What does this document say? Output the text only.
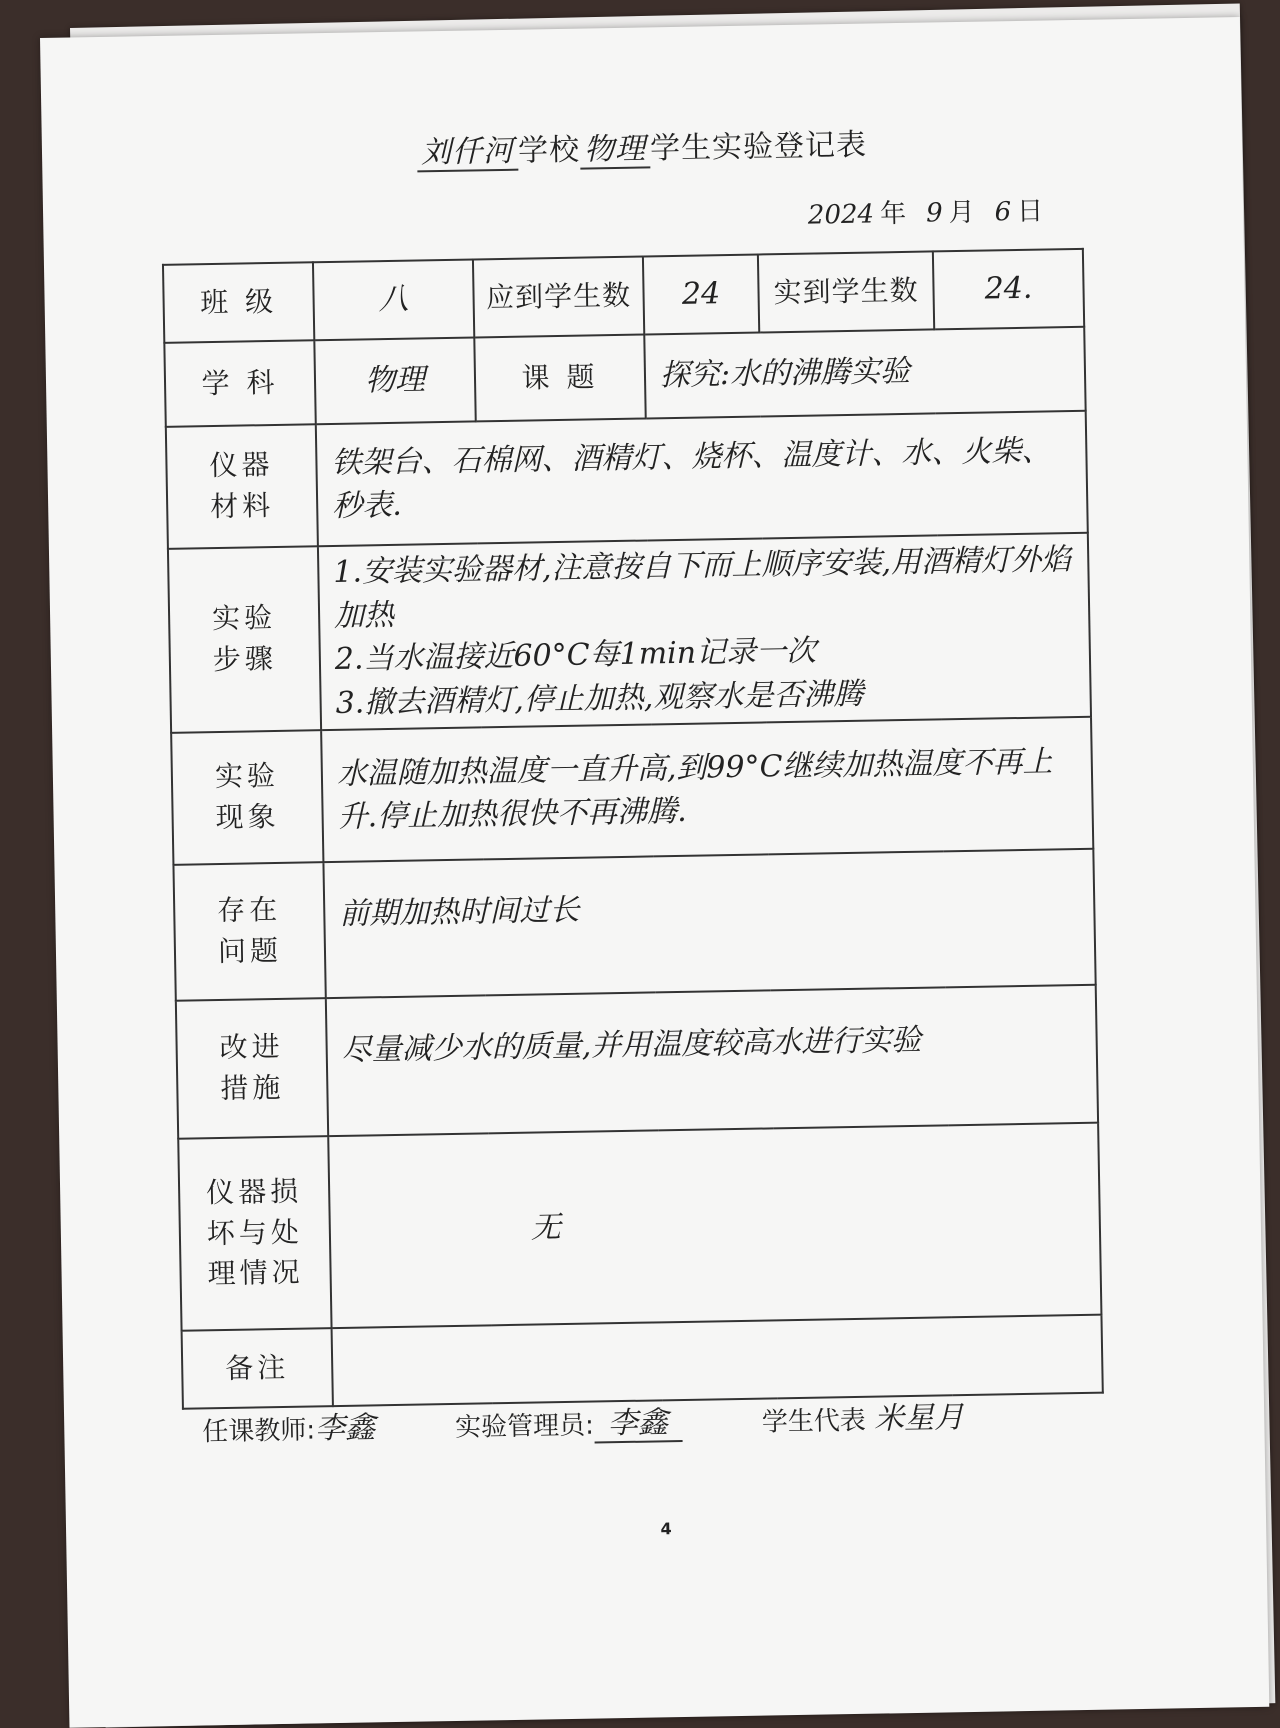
刘仟河 学校 物理 学生实验登记表
2024 年 9 月 6 日
班 级	八	应到学生数	24	实到学生数	24.
学 科	物理	课 题	探究:水的沸腾实验		
仪器材料	铁架台、石棉网、酒精灯、烧杯、温度计、水、火柴、秒表.				
实验步骤	1.安装实验器材,注意按自下而上顺序安装,用酒精灯外焰加热
2.当水温接近60°C每1min记录一次
3.撤去酒精灯,停止加热,观察水是否沸腾				

实验现象	水温随加热温度一直升高,到99°C继续加热温度不再上升.停止加热很快不再沸腾.				
存在问题	前期加热时间过长				
改进措施	尽量减少水的质量,并用温度较高水进行实验				
仪器损坏与处理情况	无				
备注					
任课教师:李鑫	实验管理员: 李鑫	学生代表 米星月
4
